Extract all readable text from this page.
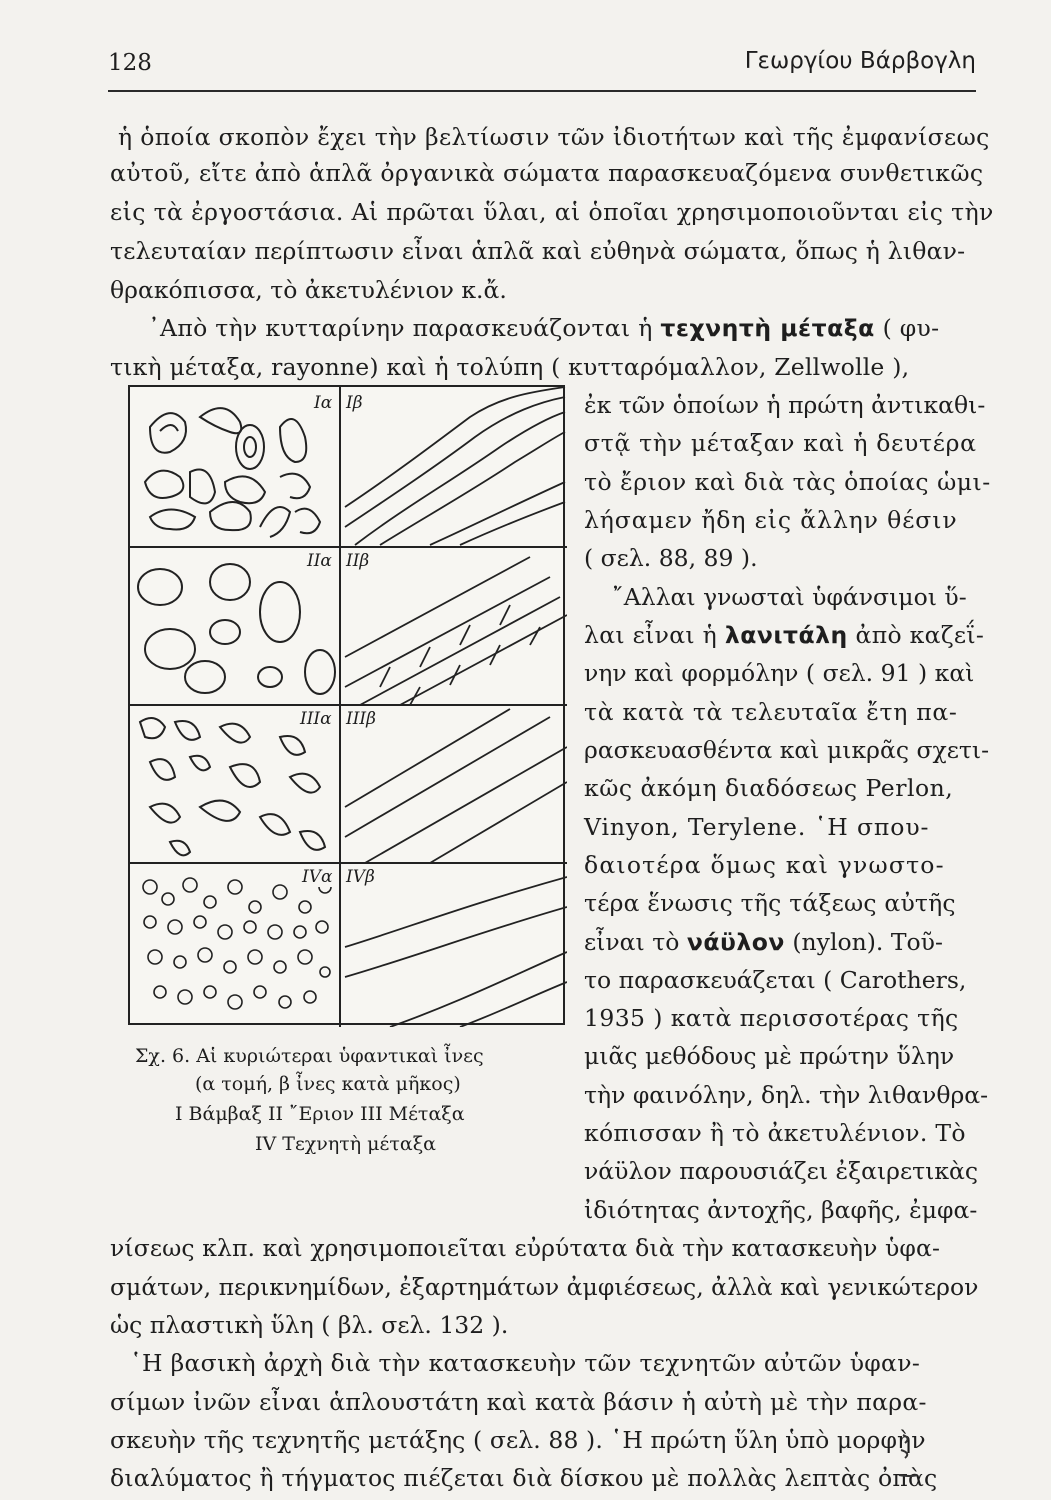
128	Γεωργίου Βάρβογλη
ἡ ὁποία σκοπὸν ἔχει τὴν βελτίωσιν τῶν ἰδιοτήτων καὶ τῆς ἐμφανίσεως
αὐτοῦ, εἴτε ἀπὸ ἁπλᾶ ὀργανικὰ σώματα παρασκευαζόμενα συνθετικῶς
εἰς τὰ ἐργοστάσια. Αἱ πρῶται ὕλαι, αἱ ὁποῖαι χρησιμοποιοῦνται εἰς τὴν
τελευταίαν περίπτωσιν εἶναι ἁπλᾶ καὶ εὐθηνὰ σώματα, ὅπως ἡ λιθαν-
θρακόπισσα, τὸ ἀκετυλένιον κ.ἄ.
᾿Απὸ τὴν κυτταρίνην παρασκευάζονται ἡ τεχνητὴ μέταξα ( φυ-
τικὴ μέταξα, rayonne) καὶ ἡ τολύπη ( κυτταρόμαλλον, Zellwolle ),
ἐκ τῶν ὁποίων ἡ πρώτη ἀντικαθι-
στᾷ τὴν μέταξαν καὶ ἡ δευτέρα
τὸ ἔριον καὶ διὰ τὰς ὁποίας ὡμι-
λήσαμεν ἤδη εἰς ἄλλην θέσιν
( σελ. 88, 89 ).
῎Αλλαι γνωσταὶ ὑφάνσιμοι ὕ-
λαι εἶναι ἡ λανιτάλη ἀπὸ καζεΐ-
νην καὶ φορμόλην ( σελ. 91 ) καὶ
τὰ κατὰ τὰ τελευταῖα ἔτη πα-
ρασκευασθέντα καὶ μικρᾶς σχετι-
κῶς ἀκόμη διαδόσεως Perlon,
Vinyon, Terylene. ῾Η σπου-
δαιοτέρα ὅμως καὶ γνωστο-
τέρα ἕνωσις τῆς τάξεως αὐτῆς
εἶναι τὸ νάϋλον (nylon). Τοῦ-
το παρασκευάζεται ( Carothers,
1935 ) κατὰ περισσοτέρας τῆς
μιᾶς μεθόδους μὲ πρώτην ὕλην
τὴν φαινόλην, δηλ. τὴν λιθανθρα-
κόπισσαν ἢ τὸ ἀκετυλένιον. Τὸ
νάϋλον παρουσιάζει ἐξαιρετικὰς
ἰδιότητας ἀντοχῆς, βαφῆς, ἐμφα-
νίσεως κλπ. καὶ χρησιμοποιεῖται εὐρύτατα διὰ τὴν κατασκευὴν ὑφα-
σμάτων, περικνημίδων, ἐξαρτημάτων ἀμφιέσεως, ἀλλὰ καὶ γενικώτερον
ὡς πλαστικὴ ὕλη ( βλ. σελ. 132 ).
῾Η βασικὴ ἀρχὴ διὰ τὴν κατασκευὴν τῶν τεχνητῶν αὐτῶν ὑφαν-
σίμων ἰνῶν εἶναι ἁπλουστάτη καὶ κατὰ βάσιν ἡ αὐτὴ μὲ τὴν παρα-
σκευὴν τῆς τεχνητῆς μετάξης ( σελ. 88 ). ῾Η πρώτη ὕλη ὑπὸ μορφὴν
διαλύματος ἢ τήγματος πιέζεται διὰ δίσκου μὲ πολλὰς λεπτὰς ὀπὰς
Iα Iβ
IIα IIβ
IIIα IIIβ
IVα IVβ
Σχ. 6. Αἱ κυριώτεραι ὑφαντικαὶ ἶνες
(α τομή, β ἶνες κατὰ μῆκος)
I Βάμβαξ II ῎Εριον III Μέταξα
IV Τεχνητὴ μέταξα
